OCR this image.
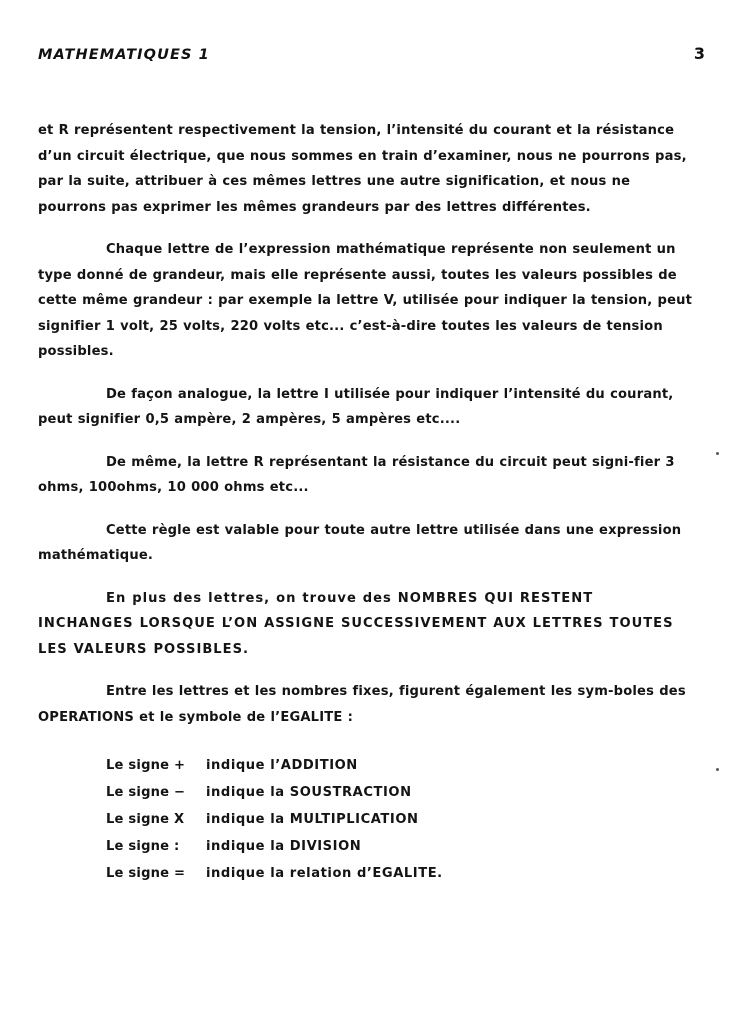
MATHEMATIQUES 1	3

et R représentent respectivement la tension, l’intensité du courant et la résistance d’un circuit électrique, que nous sommes en train d’examiner, nous ne pourrons pas, par la suite, attribuer à ces mêmes lettres une autre signification, et nous ne pourrons pas exprimer les mêmes grandeurs par des lettres différentes.

Chaque lettre de l’expression mathématique représente non seulement un type donné de grandeur, mais elle représente aussi, toutes les valeurs possibles de cette même grandeur : par exemple la lettre V, utilisée pour indiquer la tension, peut signifier 1 volt, 25 volts, 220 volts etc... c’est-à-dire toutes les valeurs de tension possibles.

De façon analogue, la lettre I utilisée pour indiquer l’intensité du courant, peut signifier 0,5 ampère, 2 ampères, 5 ampères etc....

De même, la lettre R représentant la résistance du circuit peut signi-fier 3 ohms, 100ohms, 10 000 ohms etc...

Cette règle est valable pour toute autre lettre utilisée dans une expression mathématique.

En plus des lettres, on trouve des NOMBRES QUI RESTENT INCHANGES LORSQUE L’ON ASSIGNE SUCCESSIVEMENT AUX LETTRES TOUTES LES VALEURS POSSIBLES.

Entre les lettres et les nombres fixes, figurent également les sym-boles des OPERATIONS et le symbole de l’EGALITE :

Le signe +	indique l’ADDITION
Le signe −	indique la SOUSTRACTION
Le signe X	indique la MULTIPLICATION
Le signe :	indique la DIVISION
Le signe =	indique la relation d’EGALITE.
